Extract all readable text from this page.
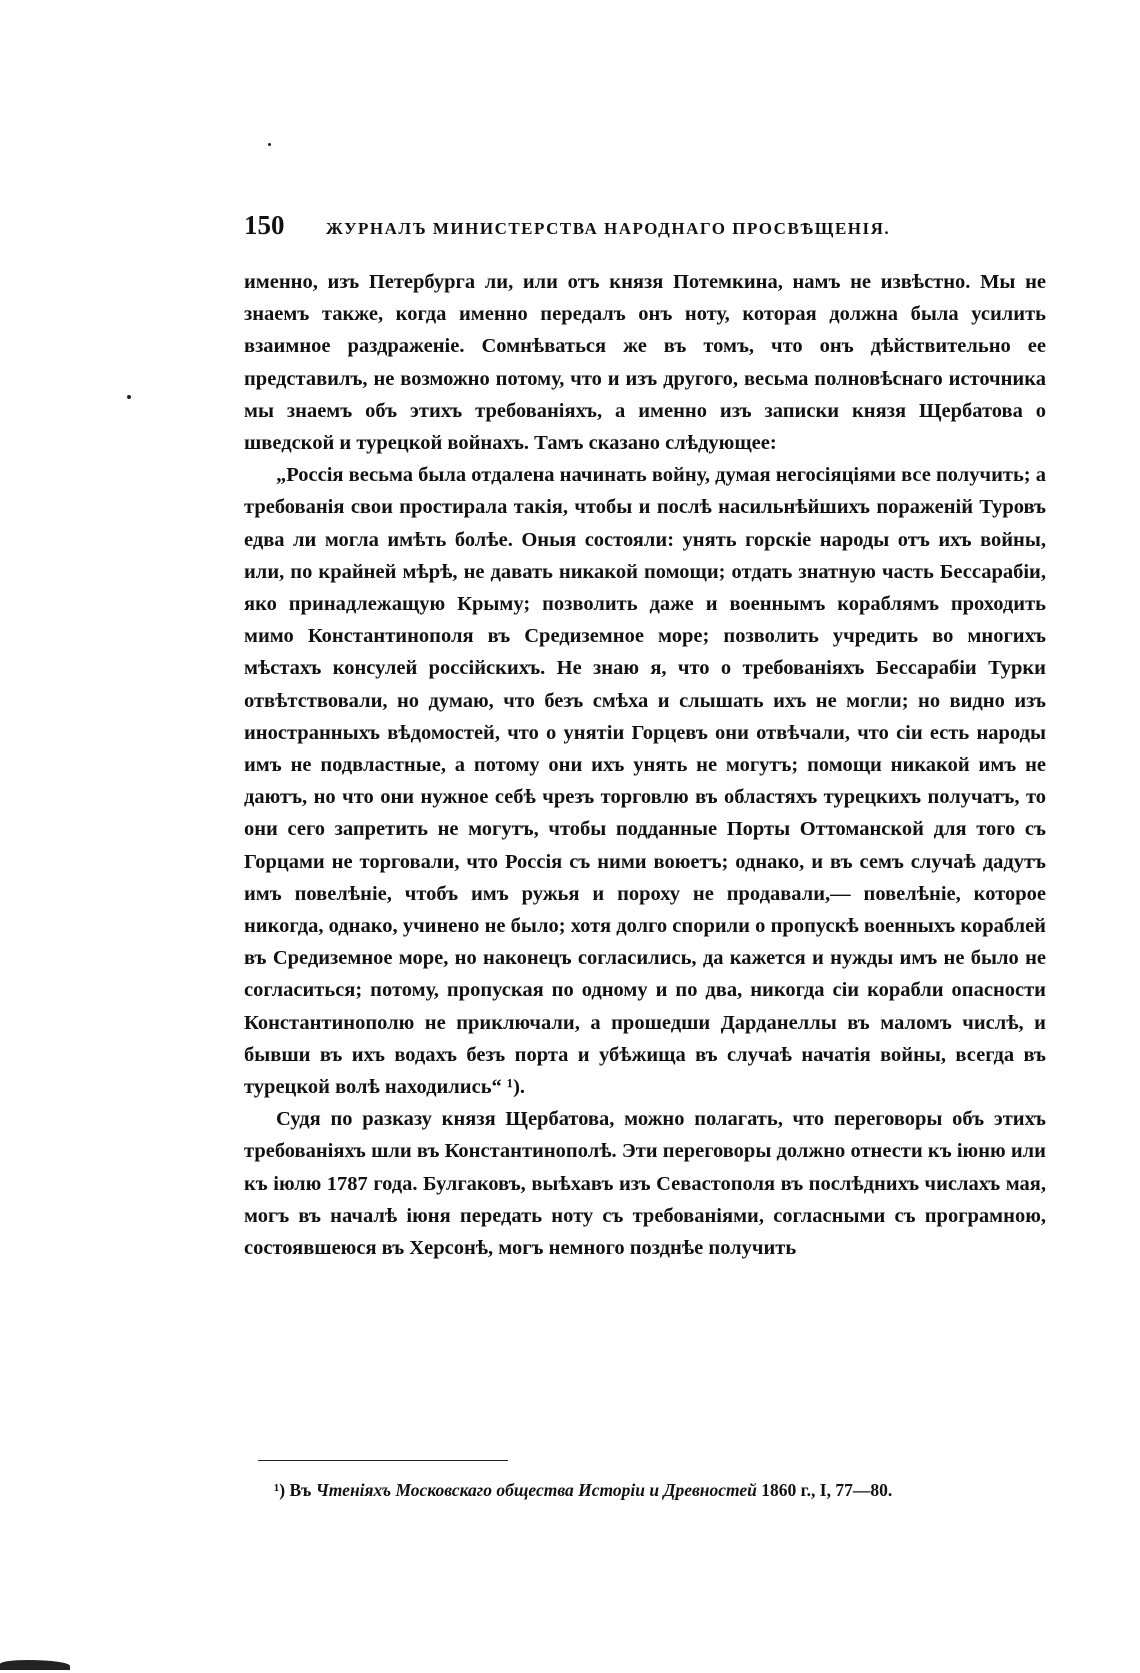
150	ЖУРНАЛЪ МИНИСТЕРСТВА НАРОДНАГО ПРОСВѢЩЕНІЯ.

именно, изъ Петербурга ли, или отъ князя Потемкина, намъ не извѣстно. Мы не знаемъ также, когда именно передалъ онъ ноту, которая должна была усилить взаимное раздраженіе. Сомнѣваться же въ томъ, что онъ дѣйствительно ее представилъ, не возможно потому, что и изъ другого, весьма полновѣснаго источника мы знаемъ объ этихъ требованіяхъ, а именно изъ записки князя Щербатова о шведской и турецкой войнахъ. Тамъ сказано слѣдующее:

„Россія весьма была отдалена начинать войну, думая негосіяціями все получить; а требованія свои простирала такія, чтобы и послѣ насильнѣйшихъ пораженій Туровъ едва ли могла имѣть болѣе. Оныя состояли: унять горскіе народы отъ ихъ войны, или, по крайней мѣрѣ, не давать никакой помощи; отдать знатную часть Бессарабіи, яко принадлежащую Крыму; позволить даже и военнымъ кораблямъ проходить мимо Константинополя въ Средиземное море; позволить учредить во многихъ мѣстахъ консулей россійскихъ. Не знаю я, что о требованіяхъ Бессарабіи Турки отвѣтствовали, но думаю, что безъ смѣха и слышать ихъ не могли; но видно изъ иностранныхъ вѣдомостей, что о унятіи Горцевъ они отвѣчали, что сіи есть народы имъ не подвластные, а потому они ихъ унять не могутъ; помощи никакой имъ не даютъ, но что они нужное себѣ чрезъ торговлю въ областяхъ турецкихъ получатъ, то они сего запретить не могутъ, чтобы подданные Порты Оттоманской для того съ Горцами не торговали, что Россія съ ними воюетъ; однако, и въ семъ случаѣ дадутъ имъ повелѣніе, чтобъ имъ ружья и пороху не продавали,— повелѣніе, которое никогда, однако, учинено не было; хотя долго спорили о пропускѣ военныхъ кораблей въ Средиземное море, но наконецъ согласились, да кажется и нужды имъ не было не согласиться; потому, пропуская по одному и по два, никогда сіи корабли опасности Константинополю не приключали, а прошедши Дарданеллы въ маломъ числѣ, и бывши въ ихъ водахъ безъ порта и убѣжища въ случаѣ начатія войны, всегда въ турецкой волѣ находились“ ¹).

Судя по разказу князя Щербатова, можно полагать, что переговоры объ этихъ требованіяхъ шли въ Константинополѣ. Эти переговоры должно отнести къ іюню или къ іюлю 1787 года. Булгаковъ, выѣхавъ изъ Севастополя въ послѣднихъ числахъ мая, могъ въ началѣ іюня передать ноту съ требованіями, согласными съ програмною, состоявшеюся въ Херсонѣ, могъ немного позднѣе получить

¹) Въ Чтеніяхъ Московскаго общества Исторіи и Древностей 1860 г., I, 77—80.
